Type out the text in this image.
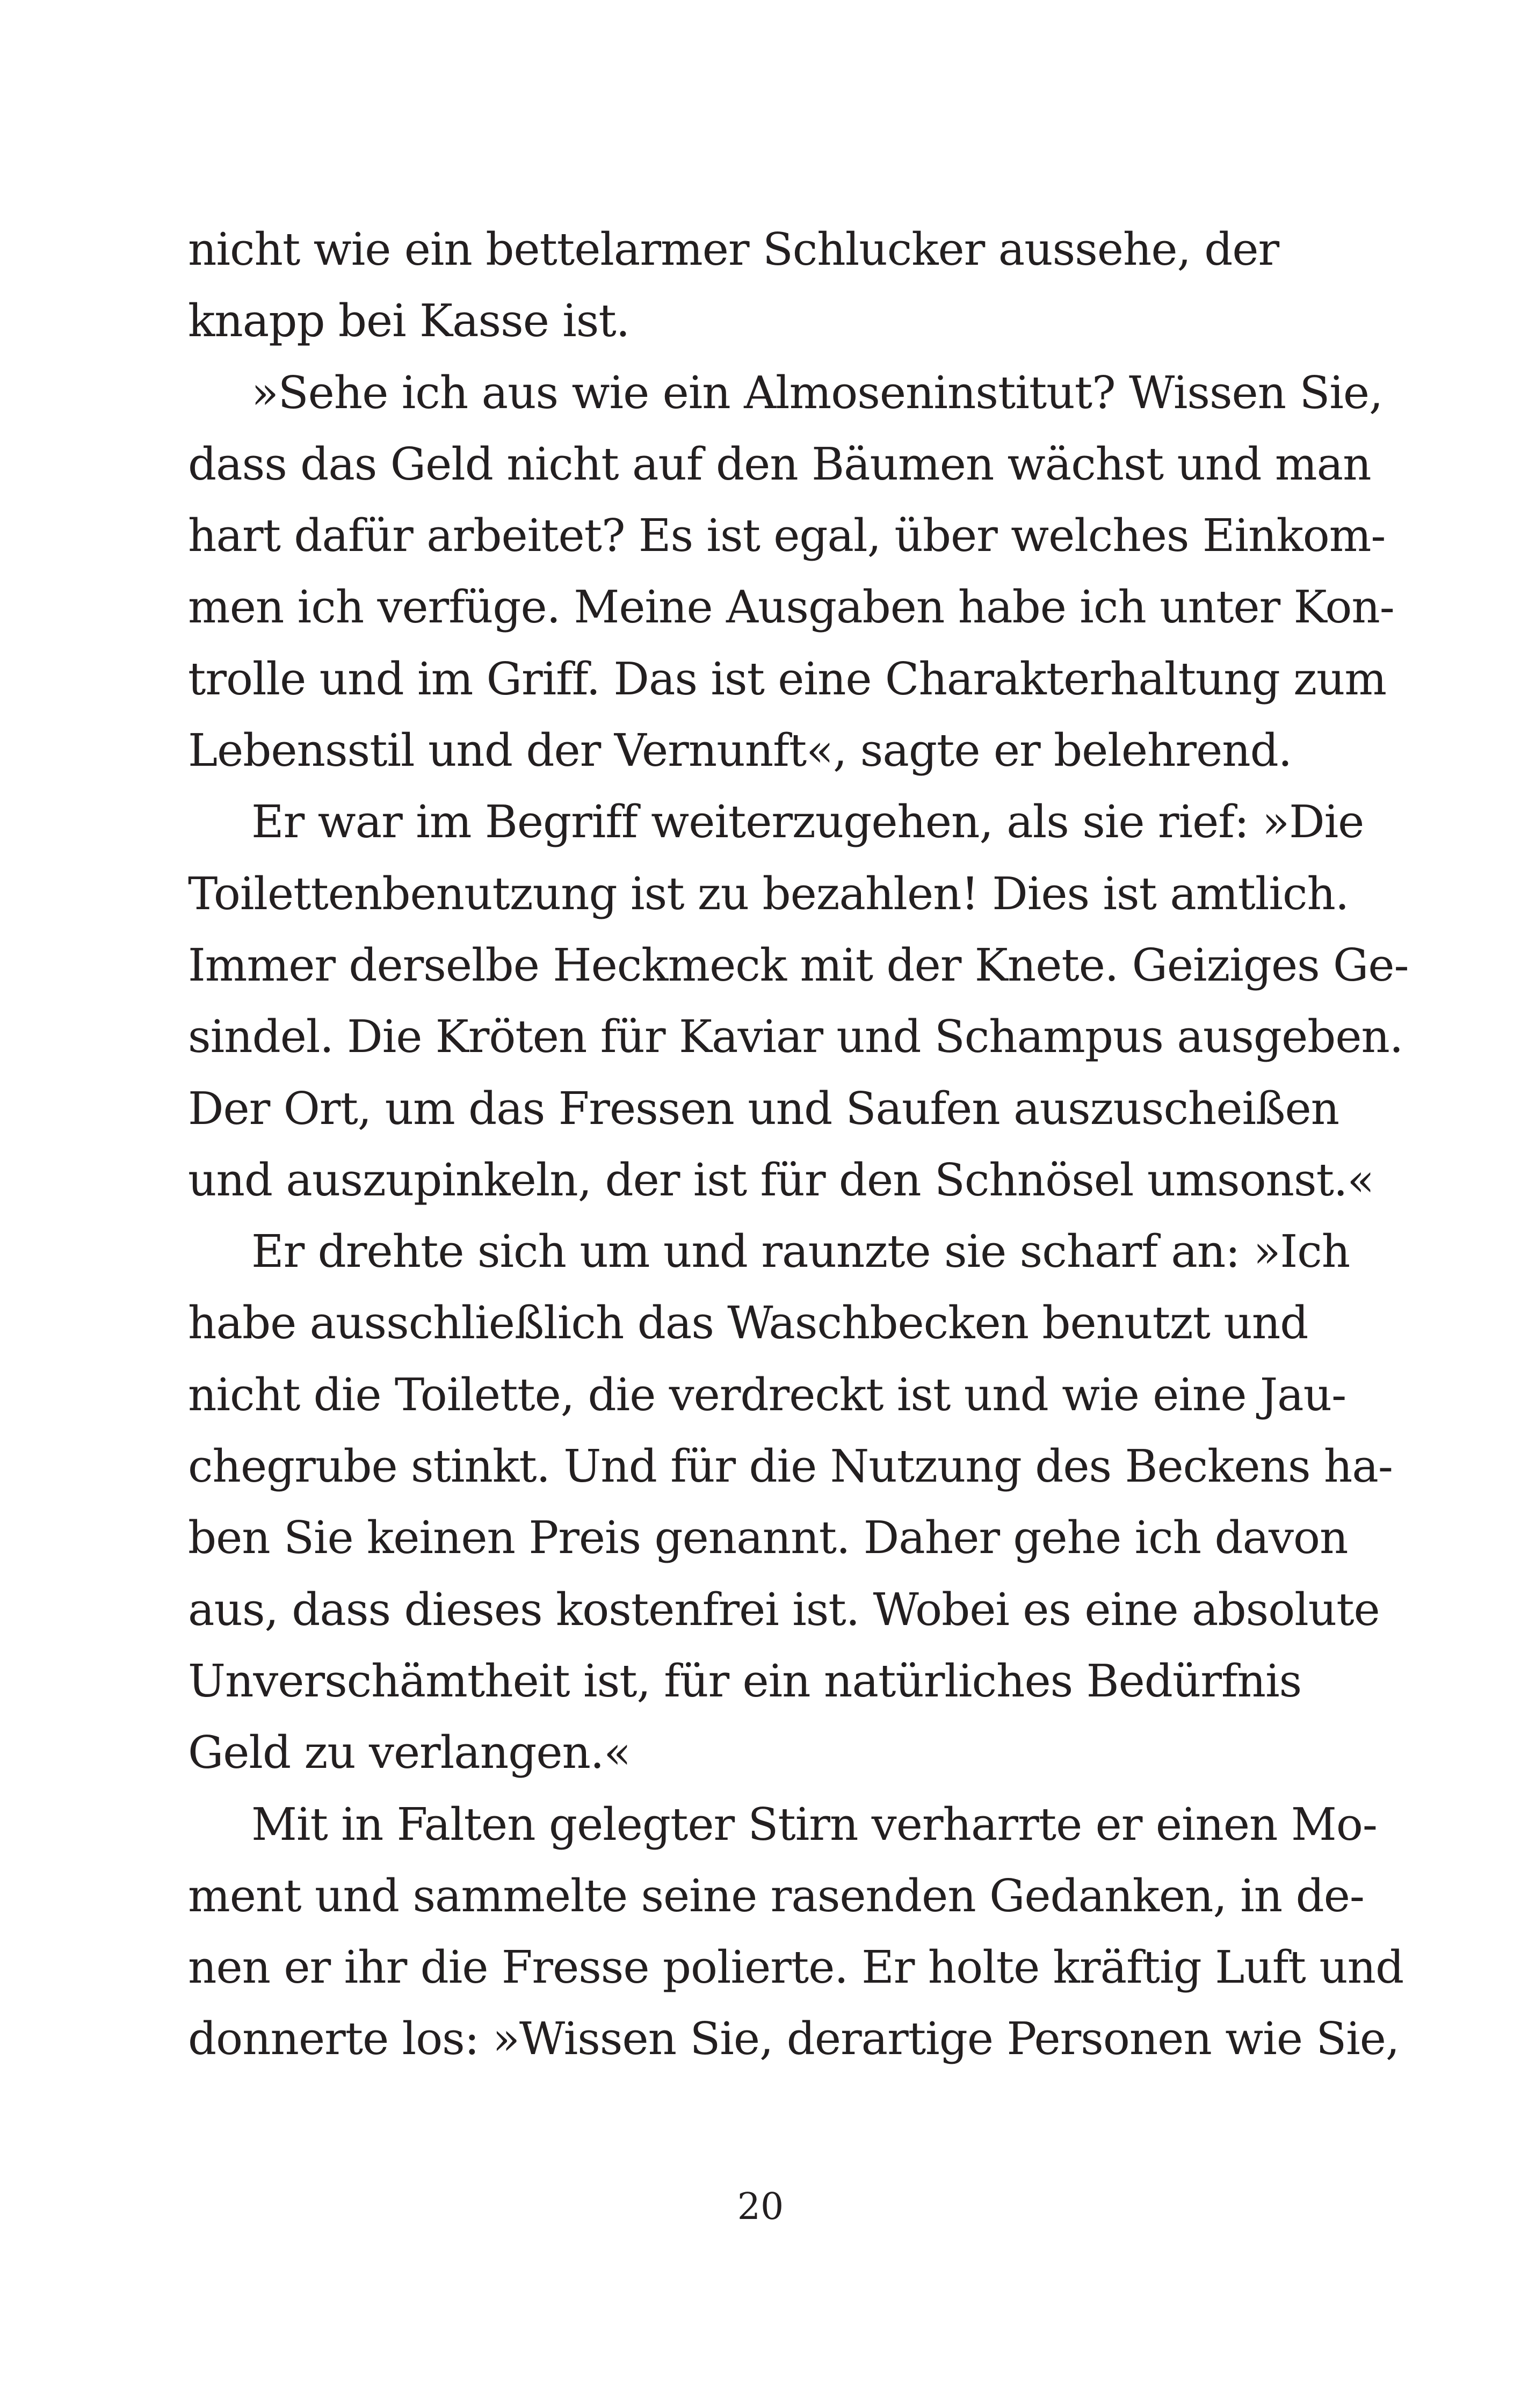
nicht wie ein bettelarmer Schlucker aussehe, der
knapp bei Kasse ist.
»Sehe ich aus wie ein Almoseninstitut? Wissen Sie,
dass das Geld nicht auf den Bäumen wächst und man
hart dafür arbeitet? Es ist egal, über welches Einkom-
men ich verfüge. Meine Ausgaben habe ich unter Kon-
trolle und im Griff. Das ist eine Charakterhaltung zum
Lebensstil und der Vernunft«, sagte er belehrend.
Er war im Begriff weiterzugehen, als sie rief: »Die
Toilettenbenutzung ist zu bezahlen! Dies ist amtlich.
Immer derselbe Heckmeck mit der Knete. Geiziges Ge-
sindel. Die Kröten für Kaviar und Schampus ausgeben.
Der Ort, um das Fressen und Saufen auszuscheißen
und auszupinkeln, der ist für den Schnösel umsonst.«
Er drehte sich um und raunzte sie scharf an: »Ich
habe ausschließlich das Waschbecken benutzt und
nicht die Toilette, die verdreckt ist und wie eine Jau-
chegrube stinkt. Und für die Nutzung des Beckens ha-
ben Sie keinen Preis genannt. Daher gehe ich davon
aus, dass dieses kostenfrei ist. Wobei es eine absolute
Unverschämtheit ist, für ein natürliches Bedürfnis
Geld zu verlangen.«
Mit in Falten gelegter Stirn verharrte er einen Mo-
ment und sammelte seine rasenden Gedanken, in de-
nen er ihr die Fresse polierte. Er holte kräftig Luft und
donnerte los: »Wissen Sie, derartige Personen wie Sie,
20
